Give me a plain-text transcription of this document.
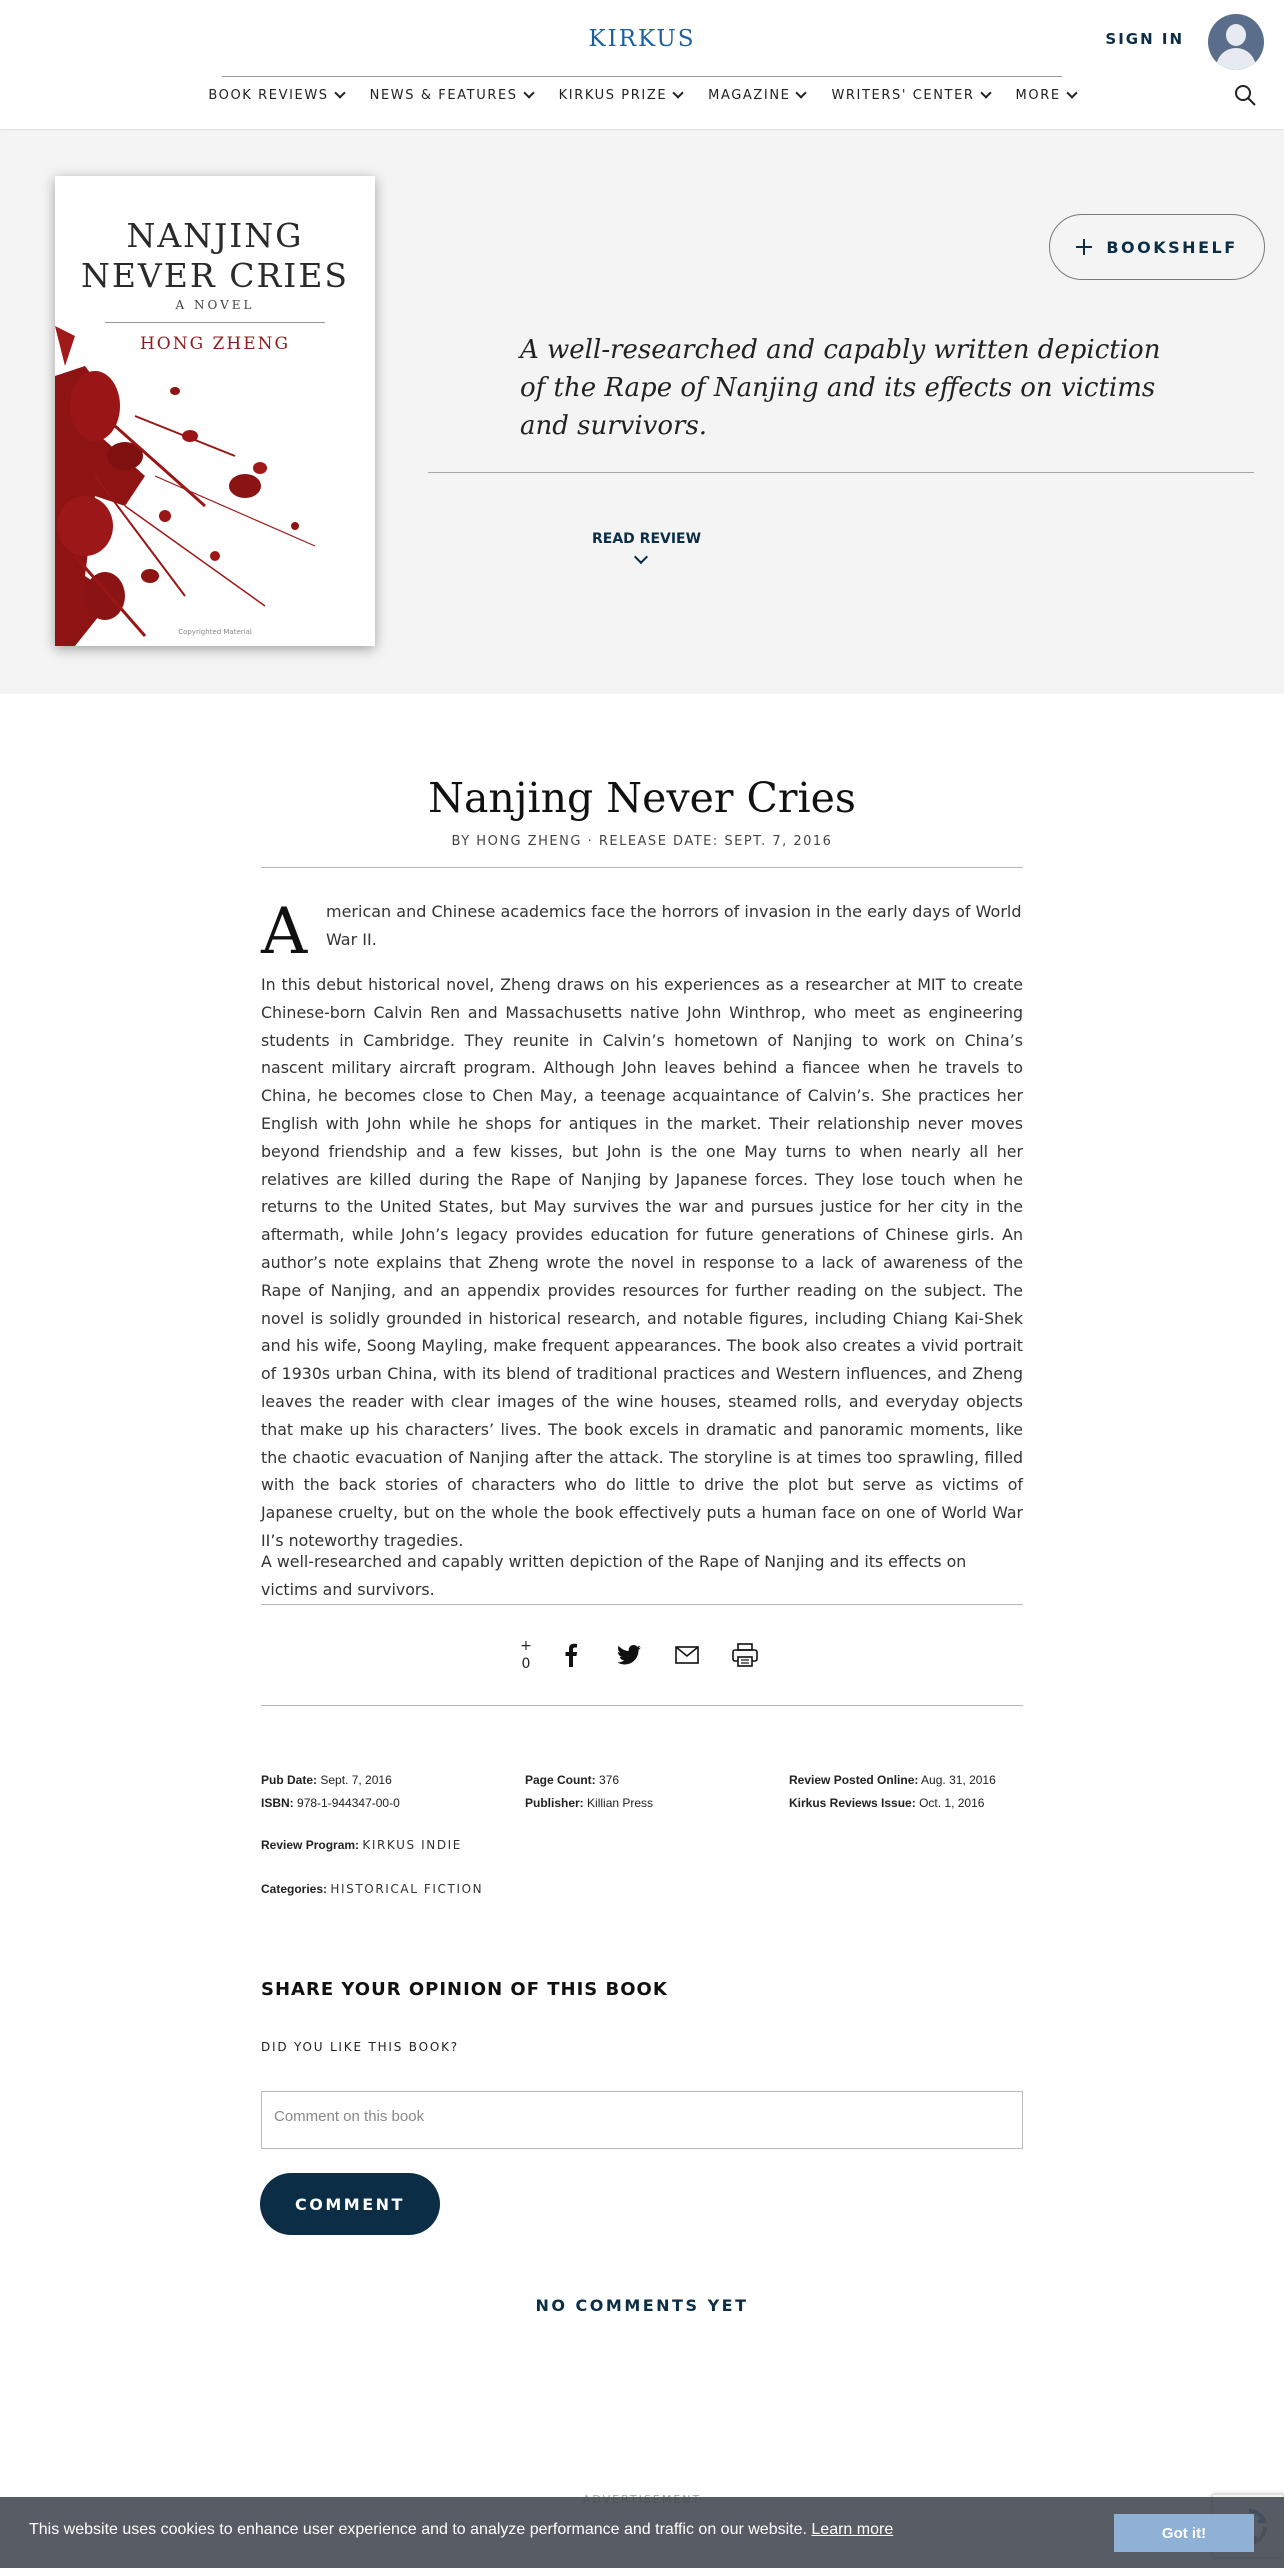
KIRKUS	SIGN IN
BOOK REVIEWS	NEWS & FEATURES	KIRKUS PRIZE	MAGAZINE	WRITERS' CENTER	MORE
NANJING
NEVER CRIES
A NOVEL
HONG ZHENG
Copyrighted Material
BOOKSHELF
A well-researched and capably written depiction of the Rape of Nanjing and its effects on victims and survivors.
READ REVIEW
Nanjing Never Cries
BY HONG ZHENG · RELEASE DATE: SEPT. 7, 2016
A merican and Chinese academics face the horrors of invasion in the early days of World War II.
In this debut historical novel, Zheng draws on his experiences as a researcher at MIT to create Chinese-born Calvin Ren and Massachusetts native John Winthrop, who meet as engineering students in Cambridge. They reunite in Calvin’s hometown of Nanjing to work on China’s nascent military aircraft program. Although John leaves behind a fiancee when he travels to China, he becomes close to Chen May, a teenage acquaintance of Calvin’s. She practices her English with John while he shops for antiques in the market. Their relationship never moves beyond friendship and a few kisses, but John is the one May turns to when nearly all her relatives are killed during the Rape of Nanjing by Japanese forces. They lose touch when he returns to the United States, but May survives the war and pursues justice for her city in the aftermath, while John’s legacy provides education for future generations of Chinese girls. An author’s note explains that Zheng wrote the novel in response to a lack of awareness of the Rape of Nanjing, and an appendix provides resources for further reading on the subject. The novel is solidly grounded in historical research, and notable figures, including Chiang Kai-Shek and his wife, Soong Mayling, make frequent appearances. The book also creates a vivid portrait of 1930s urban China, with its blend of traditional practices and Western influences, and Zheng leaves the reader with clear images of the wine houses, steamed rolls, and everyday objects that make up his characters’ lives. The book excels in dramatic and panoramic moments, like the chaotic evacuation of Nanjing after the attack. The storyline is at times too sprawling, filled with the back stories of characters who do little to drive the plot but serve as victims of Japanese cruelty, but on the whole the book effectively puts a human face on one of World War II’s noteworthy tragedies.
A well-researched and capably written depiction of the Rape of Nanjing and its effects on victims and survivors.
+
0
Pub Date: Sept. 7, 2016
ISBN: 978-1-944347-00-0
Page Count: 376
Publisher: Killian Press
Review Posted Online: Aug. 31, 2016
Kirkus Reviews Issue: Oct. 1, 2016
Review Program: KIRKUS INDIE
Categories: HISTORICAL FICTION
SHARE YOUR OPINION OF THIS BOOK
DID YOU LIKE THIS BOOK?
Comment on this book
COMMENT
NO COMMENTS YET
This website uses cookies to enhance user experience and to analyze performance and traffic on our website. Learn more	Got it!
